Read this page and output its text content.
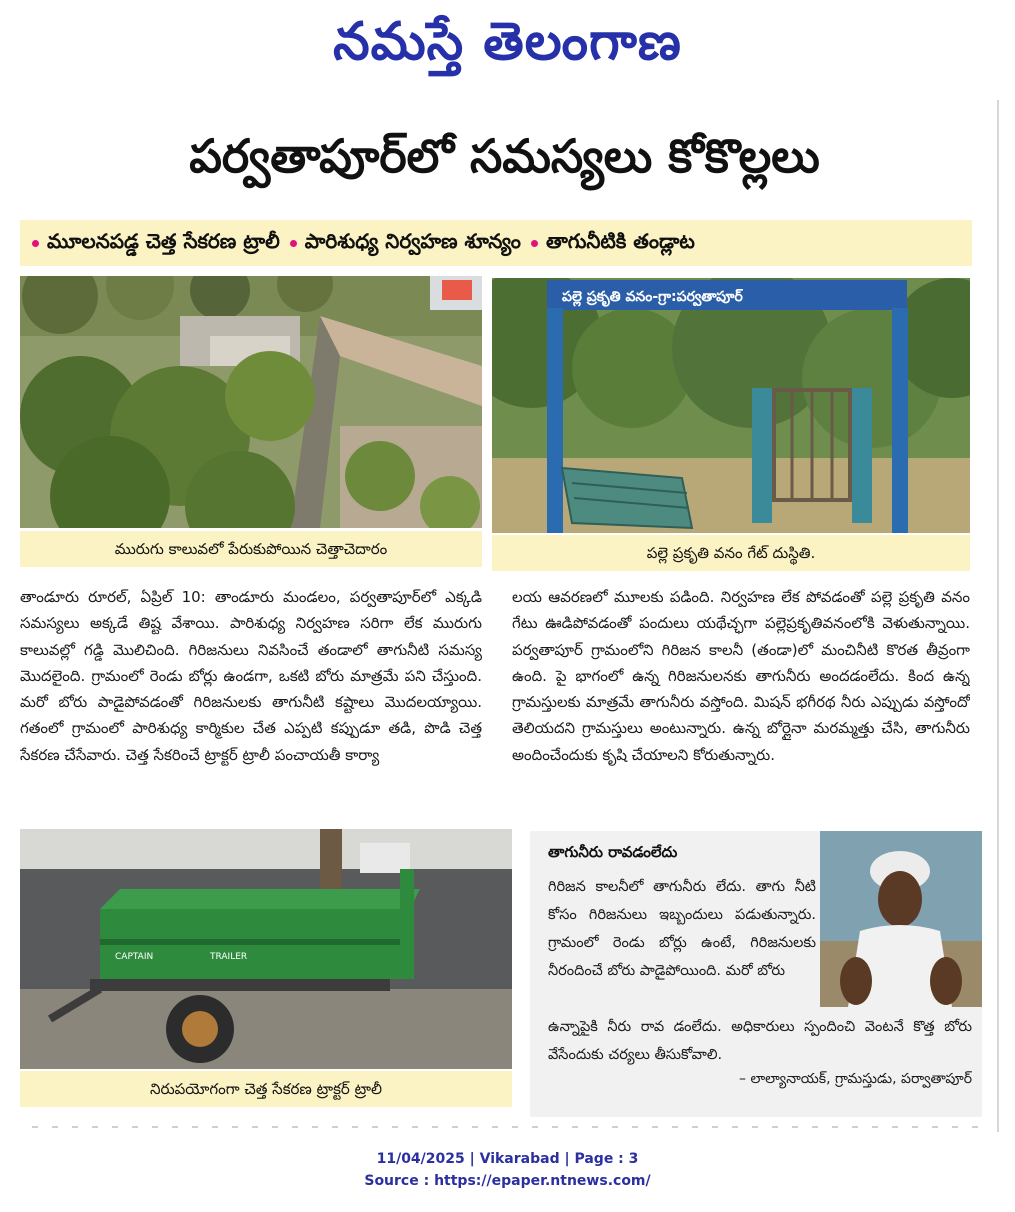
నమస్తే తెలంగాణ
పర్వతాపూర్‌లో సమస్యలు కోకొల్లలు
మూలనపడ్డ చెత్త సేకరణ ట్రాలీ పారిశుధ్య నిర్వహణ శూన్యం తాగునీటికి తండ్లాట
మురుగు కాలువలో పేరుకుపోయిన చెత్తాచెదారం
పల్లె ప్రకృతి వనం-గ్రా:పర్వతాపూర్
పల్లె ప్రకృతి వనం గేట్ దుస్థితి.
తాండూరు రూరల్, ఏప్రిల్ 10: తాండూరు మండలం, పర్వతాపూర్‌లో ఎక్కడి సమస్యలు అక్కడే తిష్ట వేశాయి. పారిశుధ్య నిర్వహణ సరిగా లేక మురుగు కాలువల్లో గడ్డి మొలిచింది. గిరిజనులు నివసించే తండాలో తాగునీటి సమస్య మొదలైంది. గ్రామంలో రెండు బోర్లు ఉండగా, ఒకటి బోరు మాత్రమే పని చేస్తుంది. మరో బోరు పాడైపోవడంతో గిరిజనులకు తాగునీటి కష్టాలు మొదలయ్యాయి. గతంలో గ్రామంలో పారిశుధ్య కార్మికుల చేత ఎప్పటి కప్పుడూ తడి, పొడి చెత్త సేకరణ చేసేవారు. చెత్త సేకరించే ట్రాక్టర్ ట్రాలీ పంచాయతీ కార్యా
లయ ఆవరణలో మూలకు పడింది. నిర్వహణ లేక పోవడంతో పల్లె ప్రకృతి వనం గేటు ఊడిపోవడంతో పందులు యథేచ్ఛగా పల్లెప్రకృతివనంలోకి వెళుతున్నాయి. పర్వతాపూర్ గ్రామంలోని గిరిజన కాలనీ (తండా)లో మంచినీటి కొరత తీవ్రంగా ఉంది. పై భాగంలో ఉన్న గిరిజనులనకు తాగునీరు అందడంలేదు. కింద ఉన్న గ్రామస్తులకు మాత్రమే తాగునీరు వస్తోంది. మిషన్ భగీరథ నీరు ఎప్పుడు వస్తోందో తెలియదని గ్రామస్తులు అంటున్నారు. ఉన్న బోర్లైనా మరమ్మత్తు చేసి, తాగునీరు అందించేందుకు కృషి చేయాలని కోరుతున్నారు.
CAPTAIN	TRAILER
నిరుపయోగంగా చెత్త సేకరణ ట్రాక్టర్ ట్రాలీ
తాగునీరు రావడంలేదు
గిరిజన కాలనీలో తాగునీరు లేదు. తాగు నీటి కోసం గిరిజనులు ఇబ్బందులు పడుతున్నారు. గ్రామంలో రెండు బోర్లు ఉంటే, గిరిజనులకు నీరందించే బోరు పాడైపోయింది. మరో బోరు
ఉన్నాపైకి నీరు రావ డంలేదు. అధికారులు స్పందించి వెంటనే కొత్త బోరు వేసేందుకు చర్యలు తీసుకోవాలి.
– లాల్యానాయక్, గ్రామస్తుడు, పర్వాతాపూర్
11/04/2025 | Vikarabad | Page : 3
Source : https://epaper.ntnews.com/
